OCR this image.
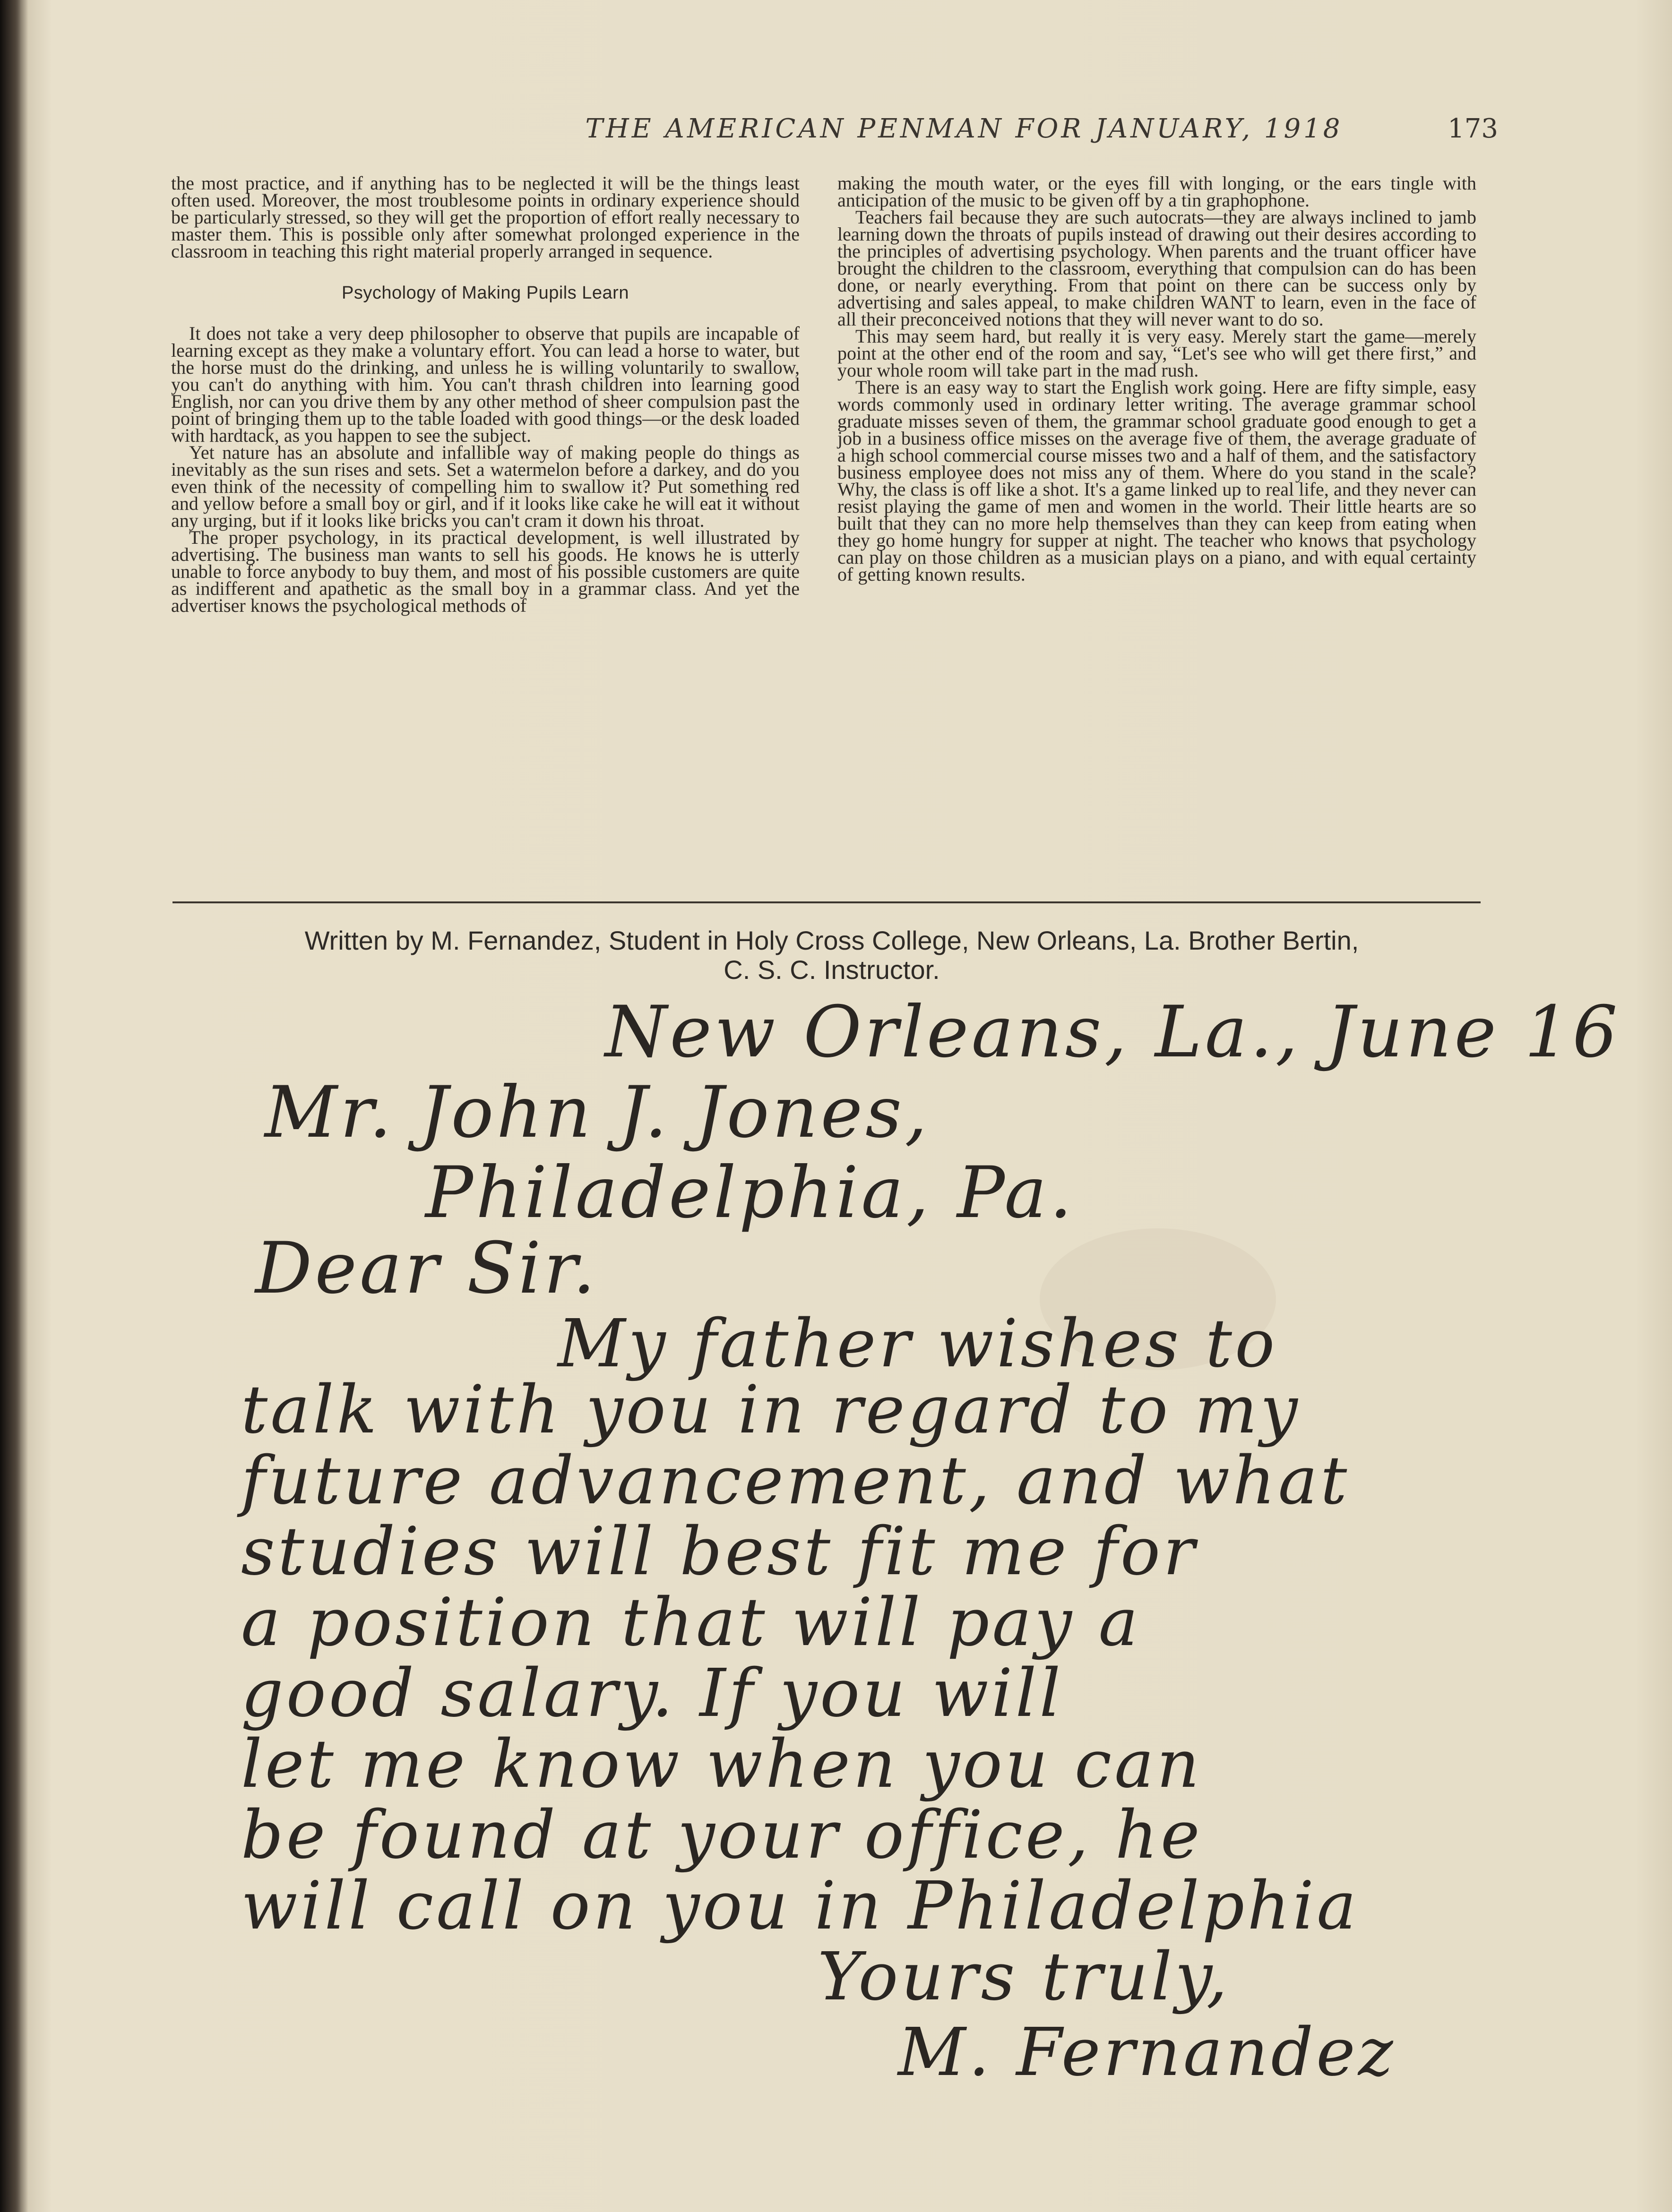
THE AMERICAN PENMAN FOR JANUARY, 1918	173

the most practice, and if anything has to be neglected it will be the things least often used. Moreover, the most troublesome points in ordinary experience should be particularly stressed, so they will get the proportion of effort really necessary to master them. This is possible only after somewhat prolonged experience in the classroom in teaching this right material properly arranged in sequence.

Psychology of Making Pupils Learn

It does not take a very deep philosopher to observe that pupils are incapable of learning except as they make a voluntary effort. You can lead a horse to water, but the horse must do the drinking, and unless he is willing voluntarily to swallow, you can't do anything with him. You can't thrash children into learning good English, nor can you drive them by any other method of sheer compulsion past the point of bringing them up to the table loaded with good things—or the desk loaded with hardtack, as you happen to see the subject.

Yet nature has an absolute and infallible way of making people do things as inevitably as the sun rises and sets. Set a watermelon before a darkey, and do you even think of the necessity of compelling him to swallow it? Put something red and yellow before a small boy or girl, and if it looks like cake he will eat it without any urging, but if it looks like bricks you can't cram it down his throat.

The proper psychology, in its practical development, is well illustrated by advertising. The business man wants to sell his goods. He knows he is utterly unable to force anybody to buy them, and most of his possible customers are quite as indifferent and apathetic as the small boy in a grammar class. And yet the advertiser knows the psychological methods of

making the mouth water, or the eyes fill with longing, or the ears tingle with anticipation of the music to be given off by a tin graphophone.

Teachers fail because they are such autocrats—they are always inclined to jamb learning down the throats of pupils instead of drawing out their desires according to the principles of advertising psychology. When parents and the truant officer have brought the children to the classroom, everything that compulsion can do has been done, or nearly everything. From that point on there can be success only by advertising and sales appeal, to make children WANT to learn, even in the face of all their preconceived notions that they will never want to do so.

This may seem hard, but really it is very easy. Merely start the game—merely point at the other end of the room and say, “Let's see who will get there first,” and your whole room will take part in the mad rush.

There is an easy way to start the English work going. Here are fifty simple, easy words commonly used in ordinary letter writing. The average grammar school graduate misses seven of them, the grammar school graduate good enough to get a job in a business office misses on the average five of them, the average graduate of a high school commercial course misses two and a half of them, and the satisfactory business employee does not miss any of them. Where do you stand in the scale? Why, the class is off like a shot. It's a game linked up to real life, and they never can resist playing the game of men and women in the world. Their little hearts are so built that they can no more help themselves than they can keep from eating when they go home hungry for supper at night. The teacher who knows that psychology can play on those children as a musician plays on a piano, and with equal certainty of getting known results.

Written by M. Fernandez, Student in Holy Cross College, New Orleans, La. Brother Bertin,
C. S. C. Instructor.
New Orleans, La., June 16
Mr. John J. Jones,
Philadelphia, Pa.
Dear Sir.
My father wishes to
talk with you in regard to my
future advancement, and what
studies will best fit me for
a position that will pay a
good salary. If you will
let me know when you can
be found at your office, he
will call on you in Philadelphia
Yours truly,
M. Fernandez
